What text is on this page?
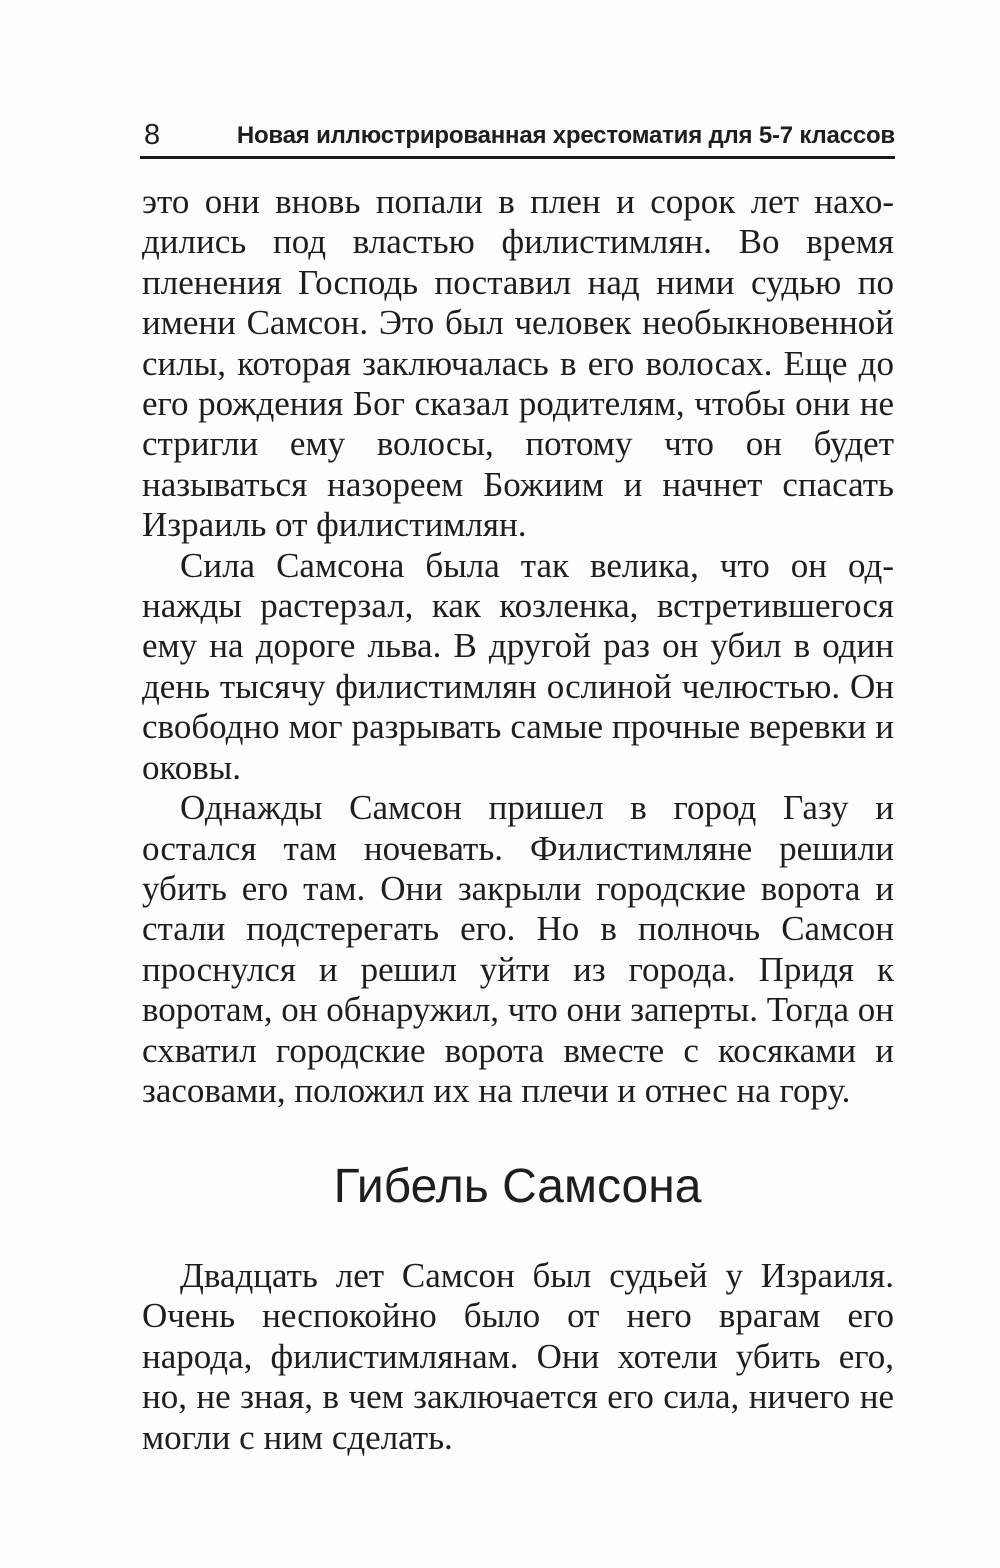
8	Новая иллюстрированная хрестоматия для 5-7 классов

это они вновь попали в плен и сорок лет находились под властью филистимлян. Во время пленения Господь поставил над ними судью по имени Самсон. Это был человек необыкновенной силы, которая заключалась в его волосах. Еще до его рождения Бог сказал родителям, чтобы они не стригли ему волосы, потому что он будет называться назореем Божиим и начнет спасать Израиль от филистимлян.

Сила Самсона была так велика, что он однажды растерзал, как козленка, встретившегося ему на дороге льва. В другой раз он убил в один день тысячу филистимлян ослиной челюстью. Он свободно мог разрывать самые прочные веревки и оковы.

Однажды Самсон пришел в город Газу и остался там ночевать. Филистимляне решили убить его там. Они закрыли городские ворота и стали подстерегать его. Но в полночь Самсон проснулся и решил уйти из города. Придя к воротам, он обнаружил, что они заперты. Тогда он схватил городские ворота вместе с косяками и засовами, положил их на плечи и отнес на гору.

Гибель Самсона

Двадцать лет Самсон был судьей у Израиля. Очень неспокойно было от него врагам его народа, филистимлянам. Они хотели убить его, но, не зная, в чем заключается его сила, ничего не могли с ним сделать.
